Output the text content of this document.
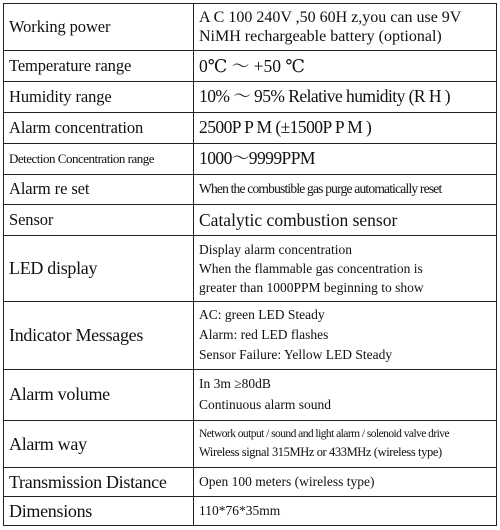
Working power	A C 100 240V ,50 60H z,you can use 9V
NiMH rechargeable battery (optional)

Temperature range	0℃ ～ +50 ℃

Humidity range	10% ～ 95% Relative humidity (R H )

Alarm concentration	2500P P M (±1500P P M )

Detection Concentration range	1000～9999PPM

Alarm re set	When the combustible gas purge automatically reset

Sensor	Catalytic combustion sensor

LED display	Display alarm concentration
When the flammable gas concentration is
greater than 1000PPM beginning to show

Indicator Messages	AC: green LED Steady
Alarm: red LED flashes
Sensor Failure: Yellow LED Steady

Alarm volume	In 3m ≥80dB
Continuous alarm sound

Alarm way	Network output / sound and light alarm / solenoid valve drive
Wireless signal 315MHz or 433MHz (wireless type)

Transmission Distance	Open 100 meters (wireless type)

Dimensions	110*76*35mm
